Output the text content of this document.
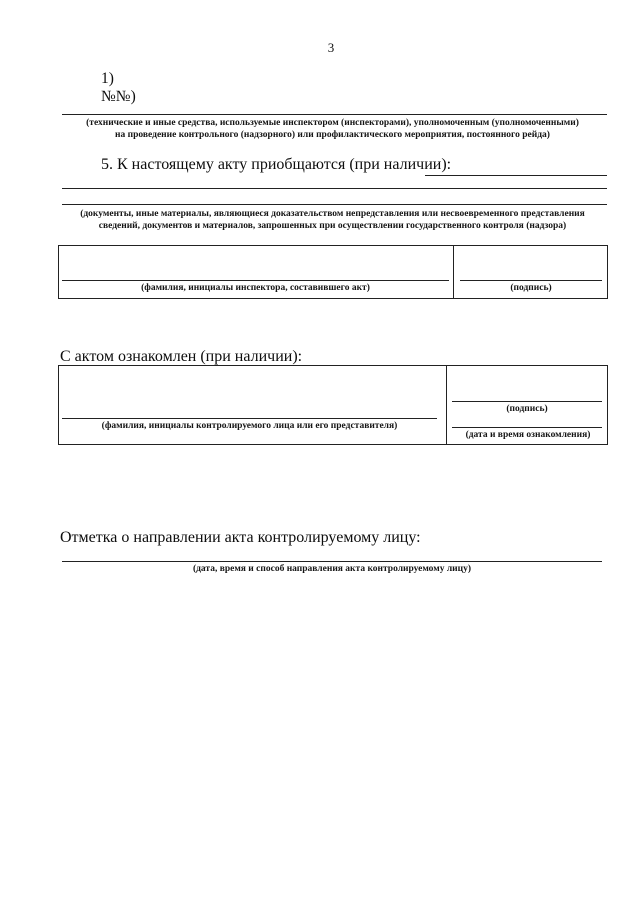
3
1)
№№)
(технические и иные средства, используемые инспектором (инспекторами), уполномоченным (уполномоченными)
на проведение контрольного (надзорного) или профилактического мероприятия, постоянного рейда)
5. К настоящему акту приобщаются (при наличии):
(документы, иные материалы, являющиеся доказательством непредставления или несвоевременного представления
сведений, документов и материалов, запрошенных при осуществлении государственного контроля (надзора)
(фамилия, инициалы инспектора, составившего акт)	(подпись)
С актом ознакомлен (при наличии):
(фамилия, инициалы контролируемого лица или его представителя)
(подпись)
(дата и время ознакомления)
Отметка о направлении акта контролируемому лицу:
(дата, время и способ направления акта контролируемому лицу)
